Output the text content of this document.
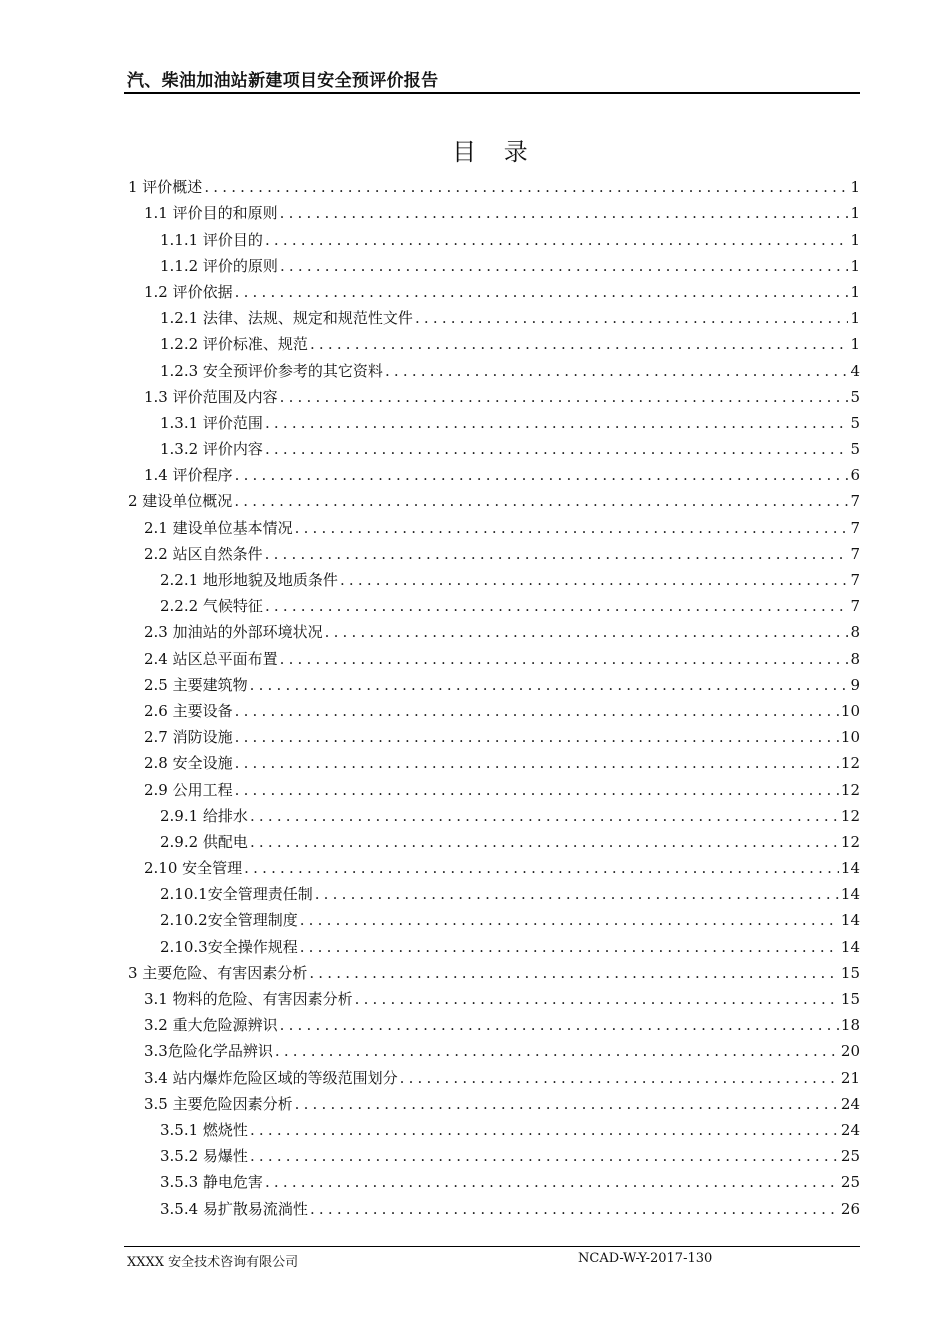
汽、柴油加油站新建项目安全预评价报告
目 录
1 评价概述 .....	1
1.1 评价目的和原则 .....	1
1.1.1 评价目的 .....	1
1.1.2 评价的原则 .....	1
1.2 评价依据 .....	1
1.2.1 法律、法规、规定和规范性文件 .....	1
1.2.2 评价标准、规范 .....	1
1.2.3 安全预评价参考的其它资料 .....	4
1.3 评价范围及内容 .....	5
1.3.1 评价范围 .....	5
1.3.2 评价内容 .....	5
1.4 评价程序 .....	6
2 建设单位概况 .....	7
2.1 建设单位基本情况 .....	7
2.2 站区自然条件 .....	7
2.2.1 地形地貌及地质条件 .....	7
2.2.2 气候特征 .....	7
2.3 加油站的外部环境状况 .....	8
2.4 站区总平面布置 .....	8
2.5 主要建筑物 .....	9
2.6 主要设备 .....	10
2.7 消防设施 .....	10
2.8 安全设施 .....	12
2.9 公用工程 .....	12
2.9.1 给排水 .....	12
2.9.2 供配电 .....	12
2.10 安全管理 .....	14
2.10.1安全管理责任制 .....	14
2.10.2安全管理制度 .....	14
2.10.3安全操作规程 .....	14
3 主要危险、有害因素分析 .....	15
3.1 物料的危险、有害因素分析 .....	15
3.2 重大危险源辨识 .....	18
3.3危险化学品辨识 .....	20
3.4 站内爆炸危险区域的等级范围划分 .....	21
3.5 主要危险因素分析 .....	24
3.5.1 燃烧性 .....	24
3.5.2 易爆性 .....	25
3.5.3 静电危害 .....	25
3.5.4 易扩散易流淌性 .....	26
XXXX 安全技术咨询有限公司	NCAD-W-Y-2017-130
